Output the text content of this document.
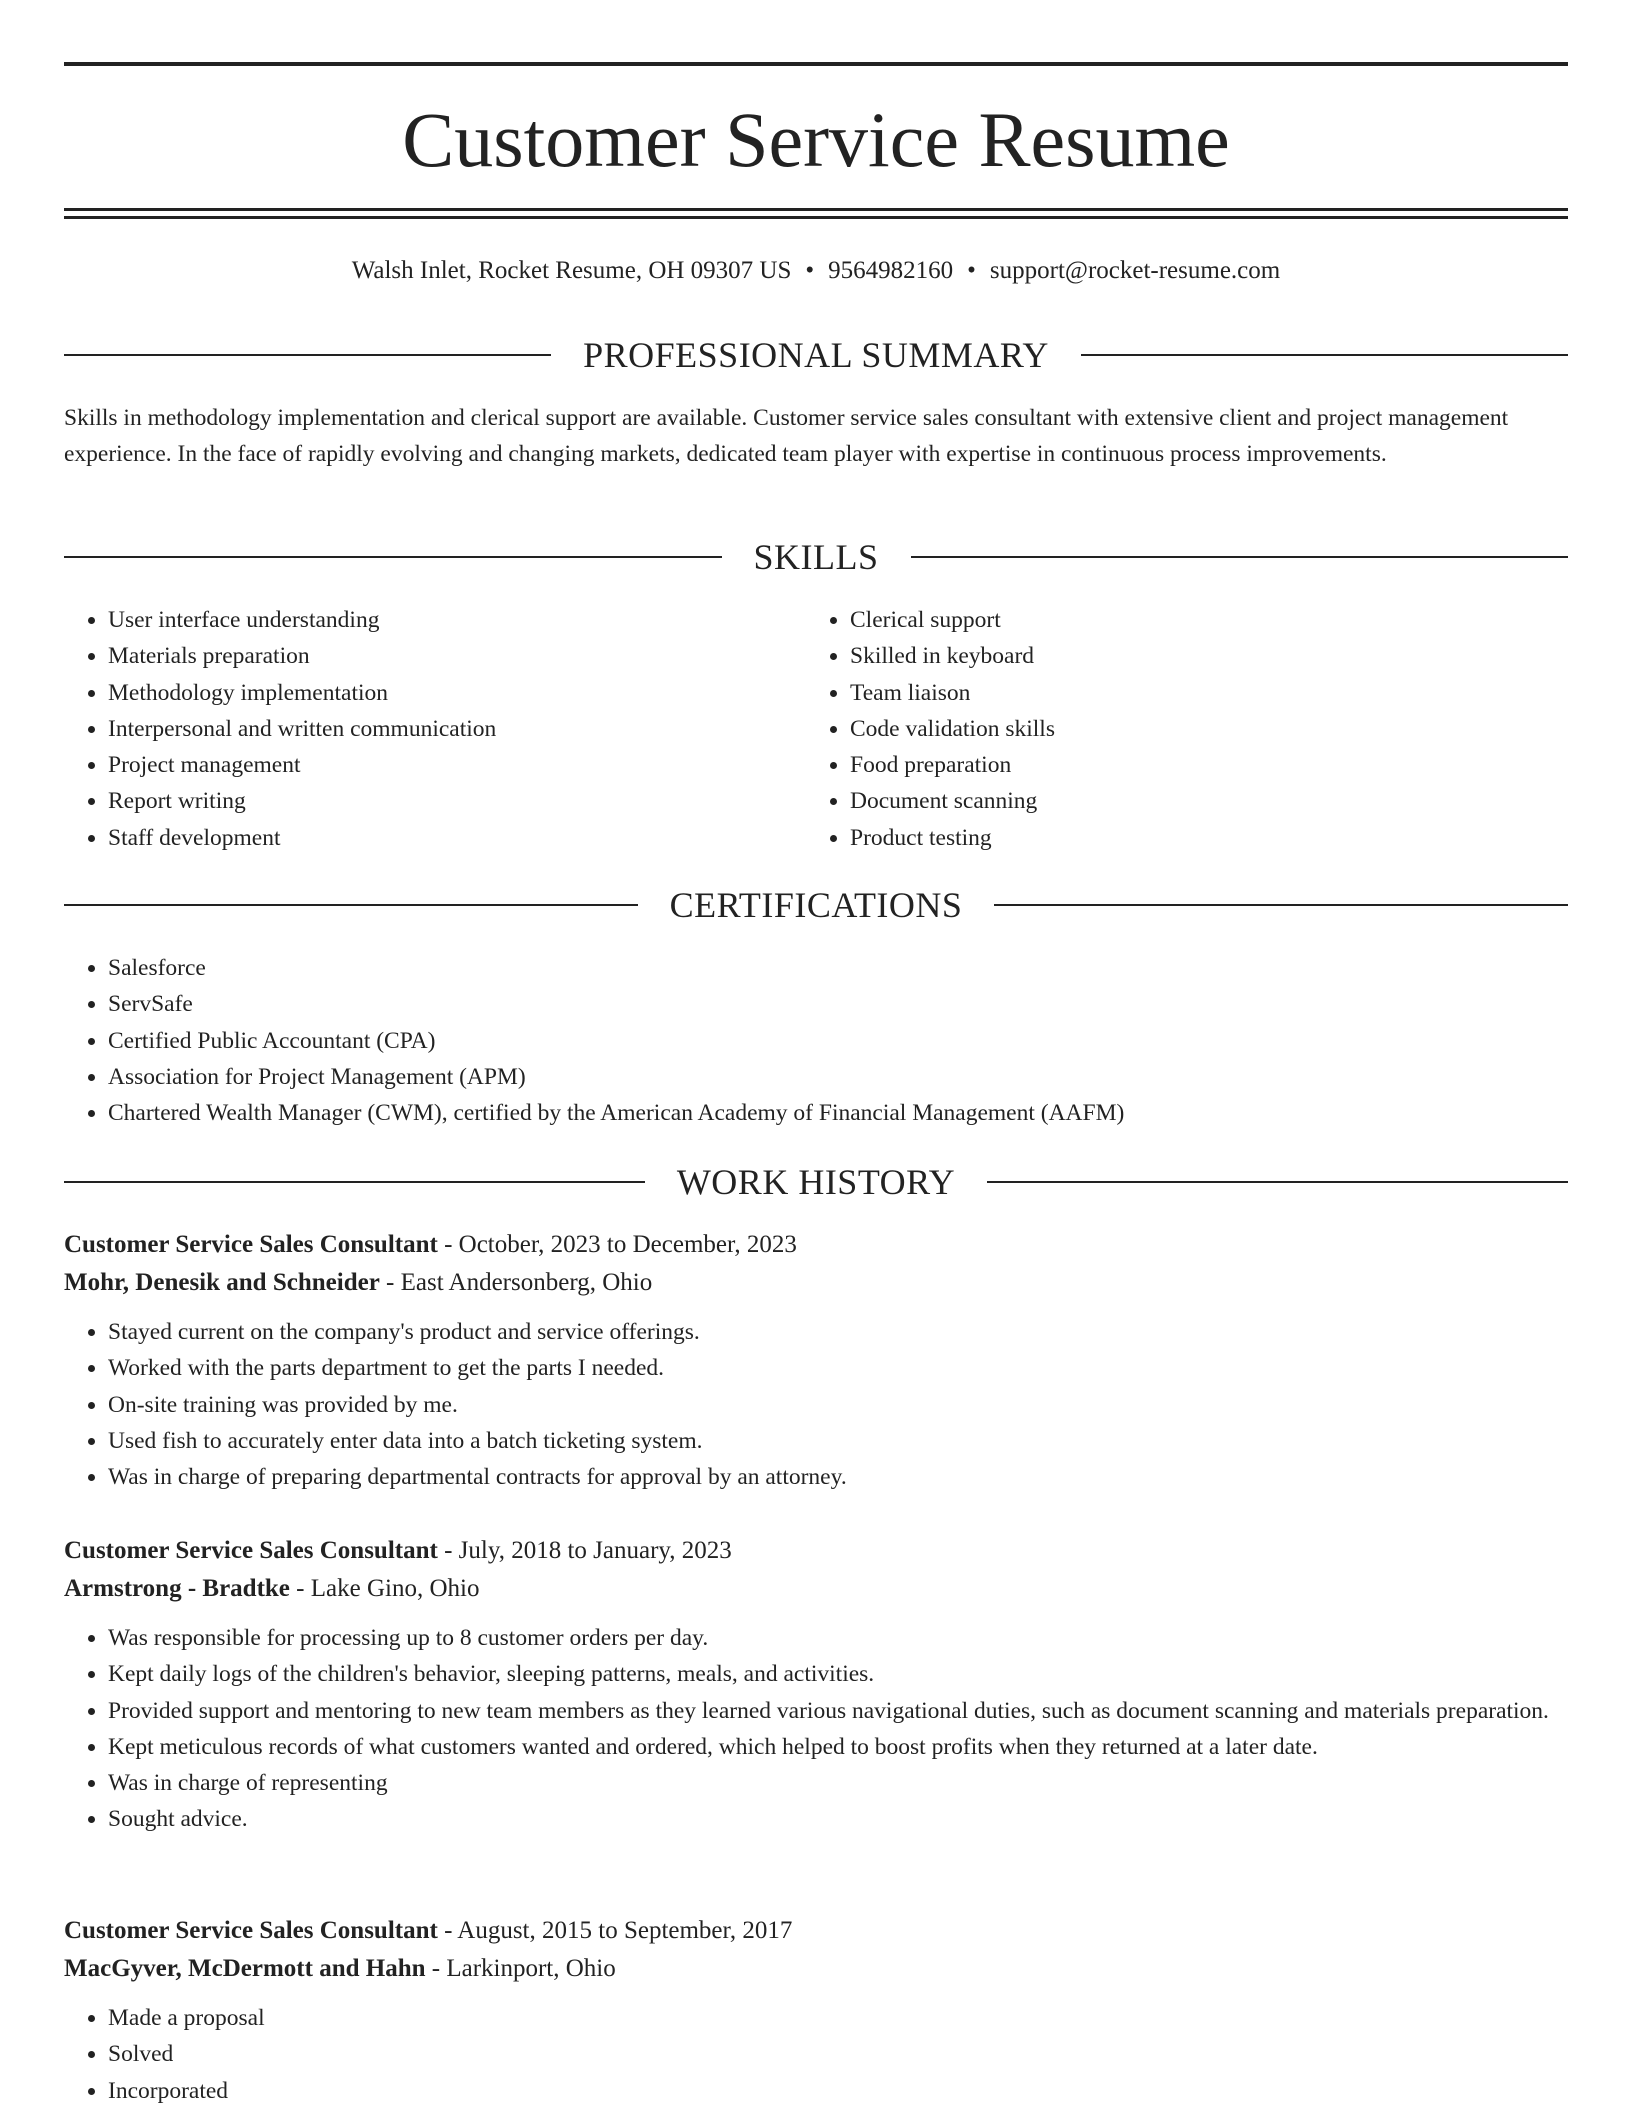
Customer Service Resume
Walsh Inlet, Rocket Resume, OH 09307 US • 9564982160 • support@rocket-resume.com
PROFESSIONAL SUMMARY

Skills in methodology implementation and clerical support are available. Customer service sales consultant with extensive client and project management experience. In the face of rapidly evolving and changing markets, dedicated team player with expertise in continuous process improvements.

SKILLS
• User interface understanding
• Materials preparation
• Methodology implementation
• Interpersonal and written communication
• Project management
• Report writing
• Staff development
• Clerical support
• Skilled in keyboard
• Team liaison
• Code validation skills
• Food preparation
• Document scanning
• Product testing
CERTIFICATIONS
• Salesforce
• ServSafe
• Certified Public Accountant (CPA)
• Association for Project Management (APM)
• Chartered Wealth Manager (CWM), certified by the American Academy of Financial Management (AAFM)
WORK HISTORY
Customer Service Sales Consultant - October, 2023 to December, 2023
Mohr, Denesik and Schneider - East Andersonberg, Ohio
• Stayed current on the company's product and service offerings.
• Worked with the parts department to get the parts I needed.
• On-site training was provided by me.
• Used fish to accurately enter data into a batch ticketing system.
• Was in charge of preparing departmental contracts for approval by an attorney.
Customer Service Sales Consultant - July, 2018 to January, 2023
Armstrong - Bradtke - Lake Gino, Ohio
• Was responsible for processing up to 8 customer orders per day.
• Kept daily logs of the children's behavior, sleeping patterns, meals, and activities.
• Provided support and mentoring to new team members as they learned various navigational duties, such as document scanning and materials preparation.
• Kept meticulous records of what customers wanted and ordered, which helped to boost profits when they returned at a later date.
• Was in charge of representing
• Sought advice.
Customer Service Sales Consultant - August, 2015 to September, 2017
MacGyver, McDermott and Hahn - Larkinport, Ohio
• Made a proposal
• Solved
• Incorporated
